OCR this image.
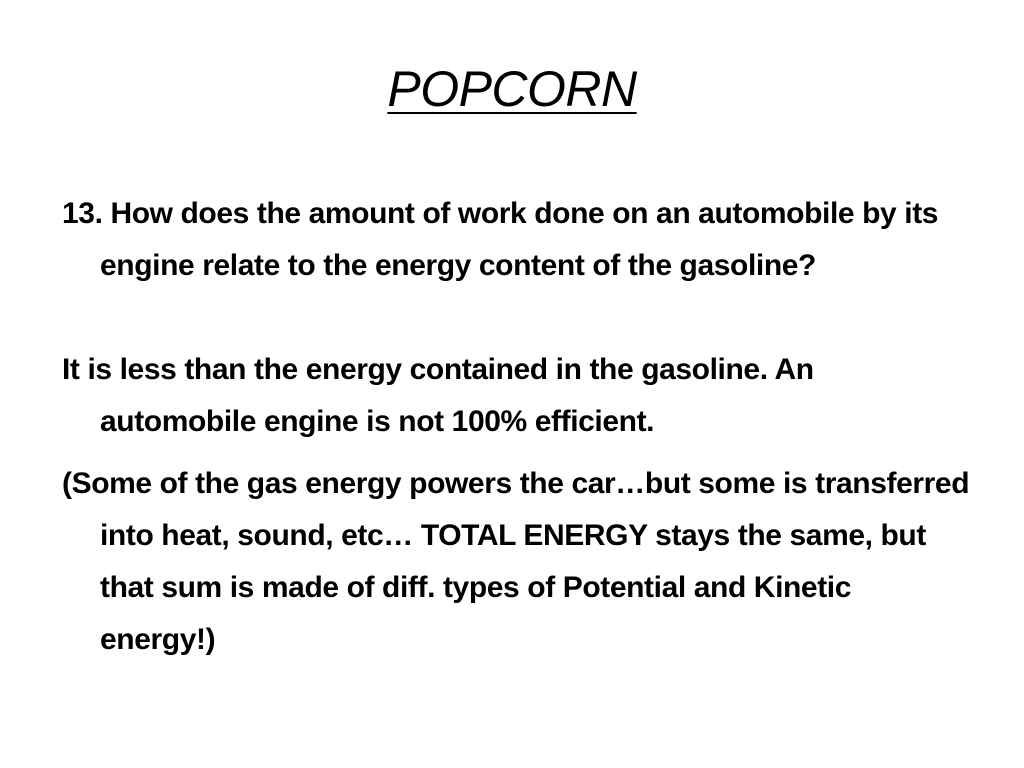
POPCORN

13. How does the amount of work done on an automobile by its engine relate to the energy content of the gasoline?

It is less than the energy contained in the gasoline. An automobile engine is not 100% efficient.

(Some of the gas energy powers the car…but some is transferred into heat, sound, etc… TOTAL ENERGY stays the same, but that sum is made of diff. types of Potential and Kinetic energy!)
